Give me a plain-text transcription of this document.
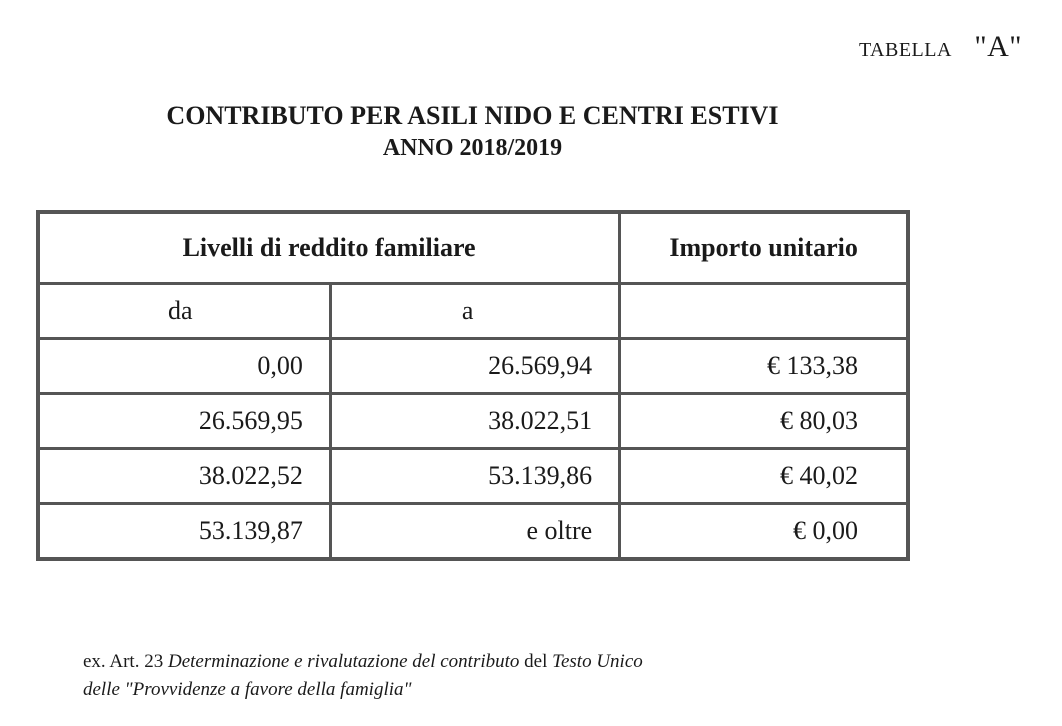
TABELLA "A"
CONTRIBUTO PER ASILI NIDO E CENTRI ESTIVI
ANNO 2018/2019
Livelli di reddito familiare		Importo unitario
da	a	
0,00	26.569,94	€ 133,38
26.569,95	38.022,51	€ 80,03
38.022,52	53.139,86	€ 40,02
53.139,87	e oltre	€ 0,00
ex. Art. 23 Determinazione e rivalutazione del contributo del Testo Unico
delle "Provvidenze a favore della famiglia"
